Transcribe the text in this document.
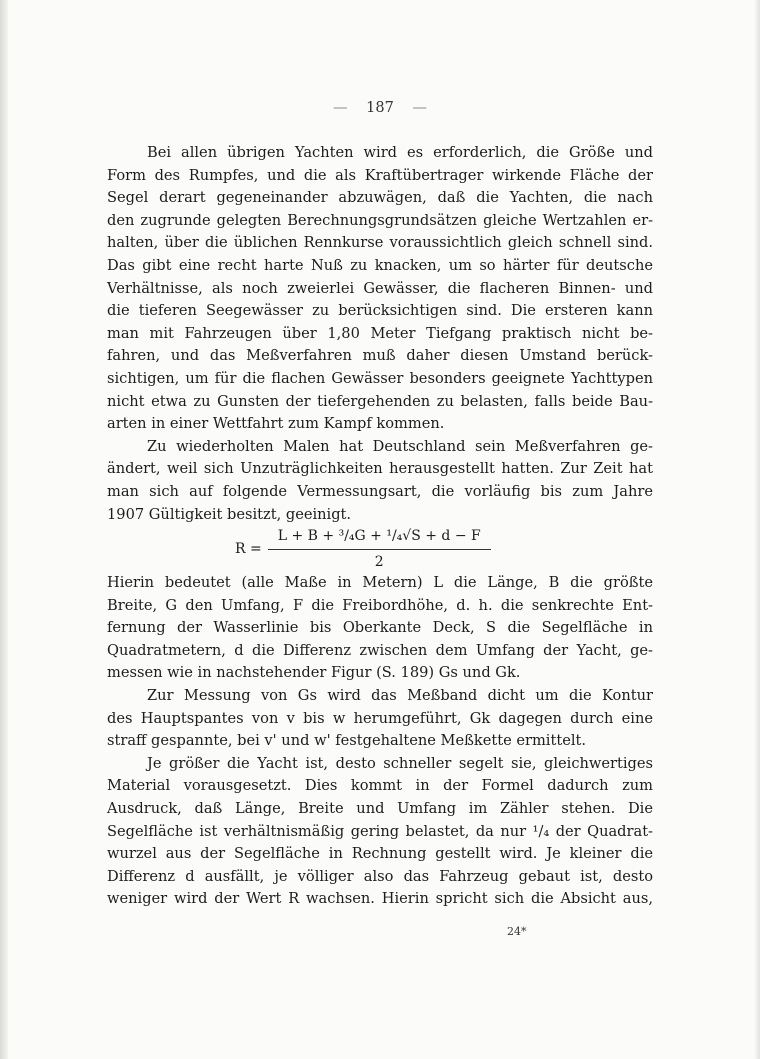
— 187 —
Bei allen übrigen Yachten wird es erforderlich, die Größe und
Form des Rumpfes, und die als Kraftübertrager wirkende Fläche der
Segel derart gegeneinander abzuwägen, daß die Yachten, die nach
den zugrunde gelegten Berechnungsgrundsätzen gleiche Wertzahlen er-
halten, über die üblichen Rennkurse voraussichtlich gleich schnell sind.
Das gibt eine recht harte Nuß zu knacken, um so härter für deutsche
Verhältnisse, als noch zweierlei Gewässer, die flacheren Binnen- und
die tieferen Seegewässer zu berücksichtigen sind. Die ersteren kann
man mit Fahrzeugen über 1,80 Meter Tiefgang praktisch nicht be-
fahren, und das Meßverfahren muß daher diesen Umstand berück-
sichtigen, um für die flachen Gewässer besonders geeignete Yachttypen
nicht etwa zu Gunsten der tiefergehenden zu belasten, falls beide Bau-
arten in einer Wettfahrt zum Kampf kommen.
Zu wiederholten Malen hat Deutschland sein Meßverfahren ge-
ändert, weil sich Unzuträglichkeiten herausgestellt hatten. Zur Zeit hat
man sich auf folgende Vermessungsart, die vorläufig bis zum Jahre
1907 Gültigkeit besitzt, geeinigt.
$R = \frac{\text{L + B + ³/₄G + ¹/₄√S + d − F}}{2}$
Hierin bedeutet (alle Maße in Metern) L die Länge, B die größte
Breite, G den Umfang, F die Freibordhöhe, d. h. die senkrechte Ent-
fernung der Wasserlinie bis Oberkante Deck, S die Segelfläche in
Quadratmetern, d die Differenz zwischen dem Umfang der Yacht, ge-
messen wie in nachstehender Figur (S. 189) Gs und Gk.
Zur Messung von Gs wird das Meßband dicht um die Kontur
des Hauptspantes von v bis w herumgeführt, Gk dagegen durch eine
straff gespannte, bei v' und w' festgehaltene Meßkette ermittelt.
Je größer die Yacht ist, desto schneller segelt sie, gleichwertiges
Material vorausgesetzt. Dies kommt in der Formel dadurch zum
Ausdruck, daß Länge, Breite und Umfang im Zähler stehen. Die
Segelfläche ist verhältnismäßig gering belastet, da nur ¹/₄ der Quadrat-
wurzel aus der Segelfläche in Rechnung gestellt wird. Je kleiner die
Differenz d ausfällt, je völliger also das Fahrzeug gebaut ist, desto
weniger wird der Wert R wachsen. Hierin spricht sich die Absicht aus,
24*
